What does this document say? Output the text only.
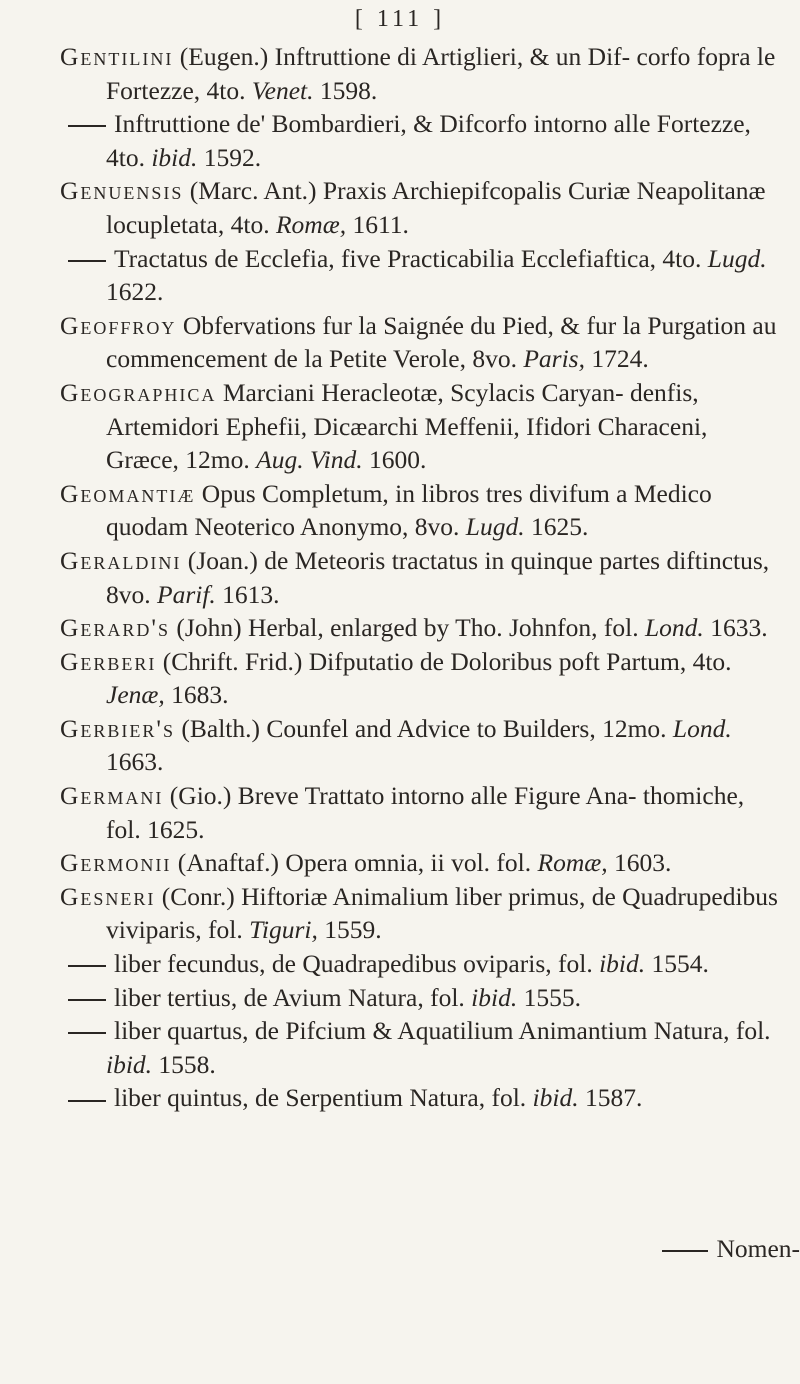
[ 111 ]
Gentilini (Eugen.) Inftruttione di Artiglieri, & un Dif- corfo fopra le Fortezze, 4to. Venet. 1598.
Inftruttione de' Bombardieri, & Difcorfo intorno alle Fortezze, 4to. ibid. 1592.
Genuensis (Marc. Ant.) Praxis Archiepifcopalis Curiæ Neapolitanæ locupletata, 4to. Romæ, 1611.
Tractatus de Ecclefia, five Practicabilia Ecclefiaftica, 4to. Lugd. 1622.
Geoffroy Obfervations fur la Saignée du Pied, & fur la Purgation au commencement de la Petite Verole, 8vo. Paris, 1724.
Geographica Marciani Heracleotæ, Scylacis Caryan- denfis, Artemidori Ephefii, Dicæarchi Meffenii, Ifidori Characeni, Græce, 12mo. Aug. Vind. 1600.
Geomantiæ Opus Completum, in libros tres divifum a Medico quodam Neoterico Anonymo, 8vo. Lugd. 1625.
Geraldini (Joan.) de Meteoris tractatus in quinque partes diftinctus, 8vo. Parif. 1613.
Gerard's (John) Herbal, enlarged by Tho. Johnfon, fol. Lond. 1633.
Gerberi (Chrift. Frid.) Difputatio de Doloribus poft Partum, 4to. Jenæ, 1683.
Gerbier's (Balth.) Counfel and Advice to Builders, 12mo. Lond. 1663.
Germani (Gio.) Breve Trattato intorno alle Figure Ana- thomiche, fol. 1625.
Germonii (Anaftaf.) Opera omnia, ii vol. fol. Romæ, 1603.
Gesneri (Conr.) Hiftoriæ Animalium liber primus, de Quadrupedibus viviparis, fol. Tiguri, 1559.
liber fecundus, de Quadrapedibus oviparis, fol. ibid. 1554.
liber tertius, de Avium Natura, fol. ibid. 1555.
liber quartus, de Pifcium & Aquatilium Animantium Natura, fol. ibid. 1558.
liber quintus, de Serpentium Natura, fol. ibid. 1587.
Nomen-
